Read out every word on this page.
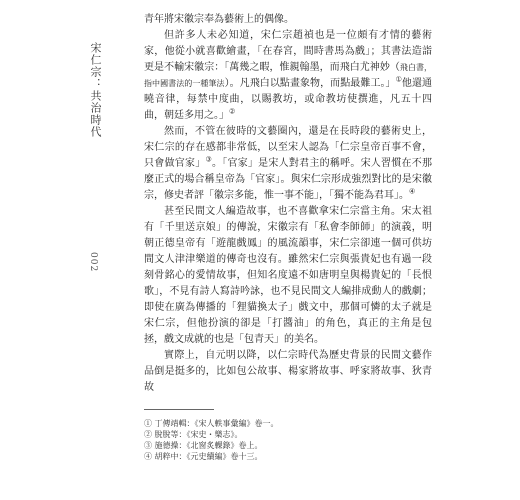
宋仁宗：共治時代
002

青年將宋徽宗奉為藝術上的偶像。

但許多人未必知道，宋仁宗趙禎也是一位頗有才情的藝術家，他從小就喜歡繪畫，「在春宮，間時書馬為戲」；其書法造詣更是不輸宋徽宗：「萬幾之暇，惟親翰墨，而飛白尤神妙（飛白書，指中國書法的一種筆法）。凡飛白以點畫象物，而點最難工。」①他還通曉音律，每禁中度曲，以賜教坊，或命教坊使撰進，凡五十四曲，朝廷多用之。」②

然而，不管在彼時的文藝圈內，還是在長時段的藝術史上，宋仁宗的存在感都非常低，以至宋人認為「仁宗皇帝百事不會，只會做官家」③。「官家」是宋人對君主的稱呼。宋人習慣在不那麼正式的場合稱皇帝為「官家」。與宋仁宗形成強烈對比的是宋徽宗，修史者評「徽宗多能，惟一事不能」，「獨不能為君耳」。④

甚至民間文人編造故事，也不喜歡拿宋仁宗當主角。宋太祖有「千里送京娘」的傳說，宋徽宗有「私會李師師」的演義，明朝正德皇帝有「遊龍戲鳳」的風流韻事，宋仁宗卻連一個可供坊間文人津津樂道的傳奇也沒有。雖然宋仁宗與張貴妃也有過一段刻骨銘心的愛情故事，但知名度遠不如唐明皇與楊貴妃的「長恨歌」，不見有詩人寫詩吟詠，也不見民間文人編排成動人的戲劇；即使在廣為傳播的「狸貓換太子」戲文中，那個可憐的太子就是宋仁宗，但他扮演的卻是「打醬油」的角色，真正的主角是包拯，戲文成就的也是「包青天」的美名。

實際上，自元明以降，以仁宗時代為歷史背景的民間文藝作品倒是挺多的，比如包公故事、楊家將故事、呼家將故事、狄青故

① 丁傳靖輯：《宋人軼事彙編》卷一。
② 脫脫等：《宋史・樂志》。
③ 施德操：《北窗炙輠錄》卷上。
④ 胡粹中：《元史續編》卷十三。
